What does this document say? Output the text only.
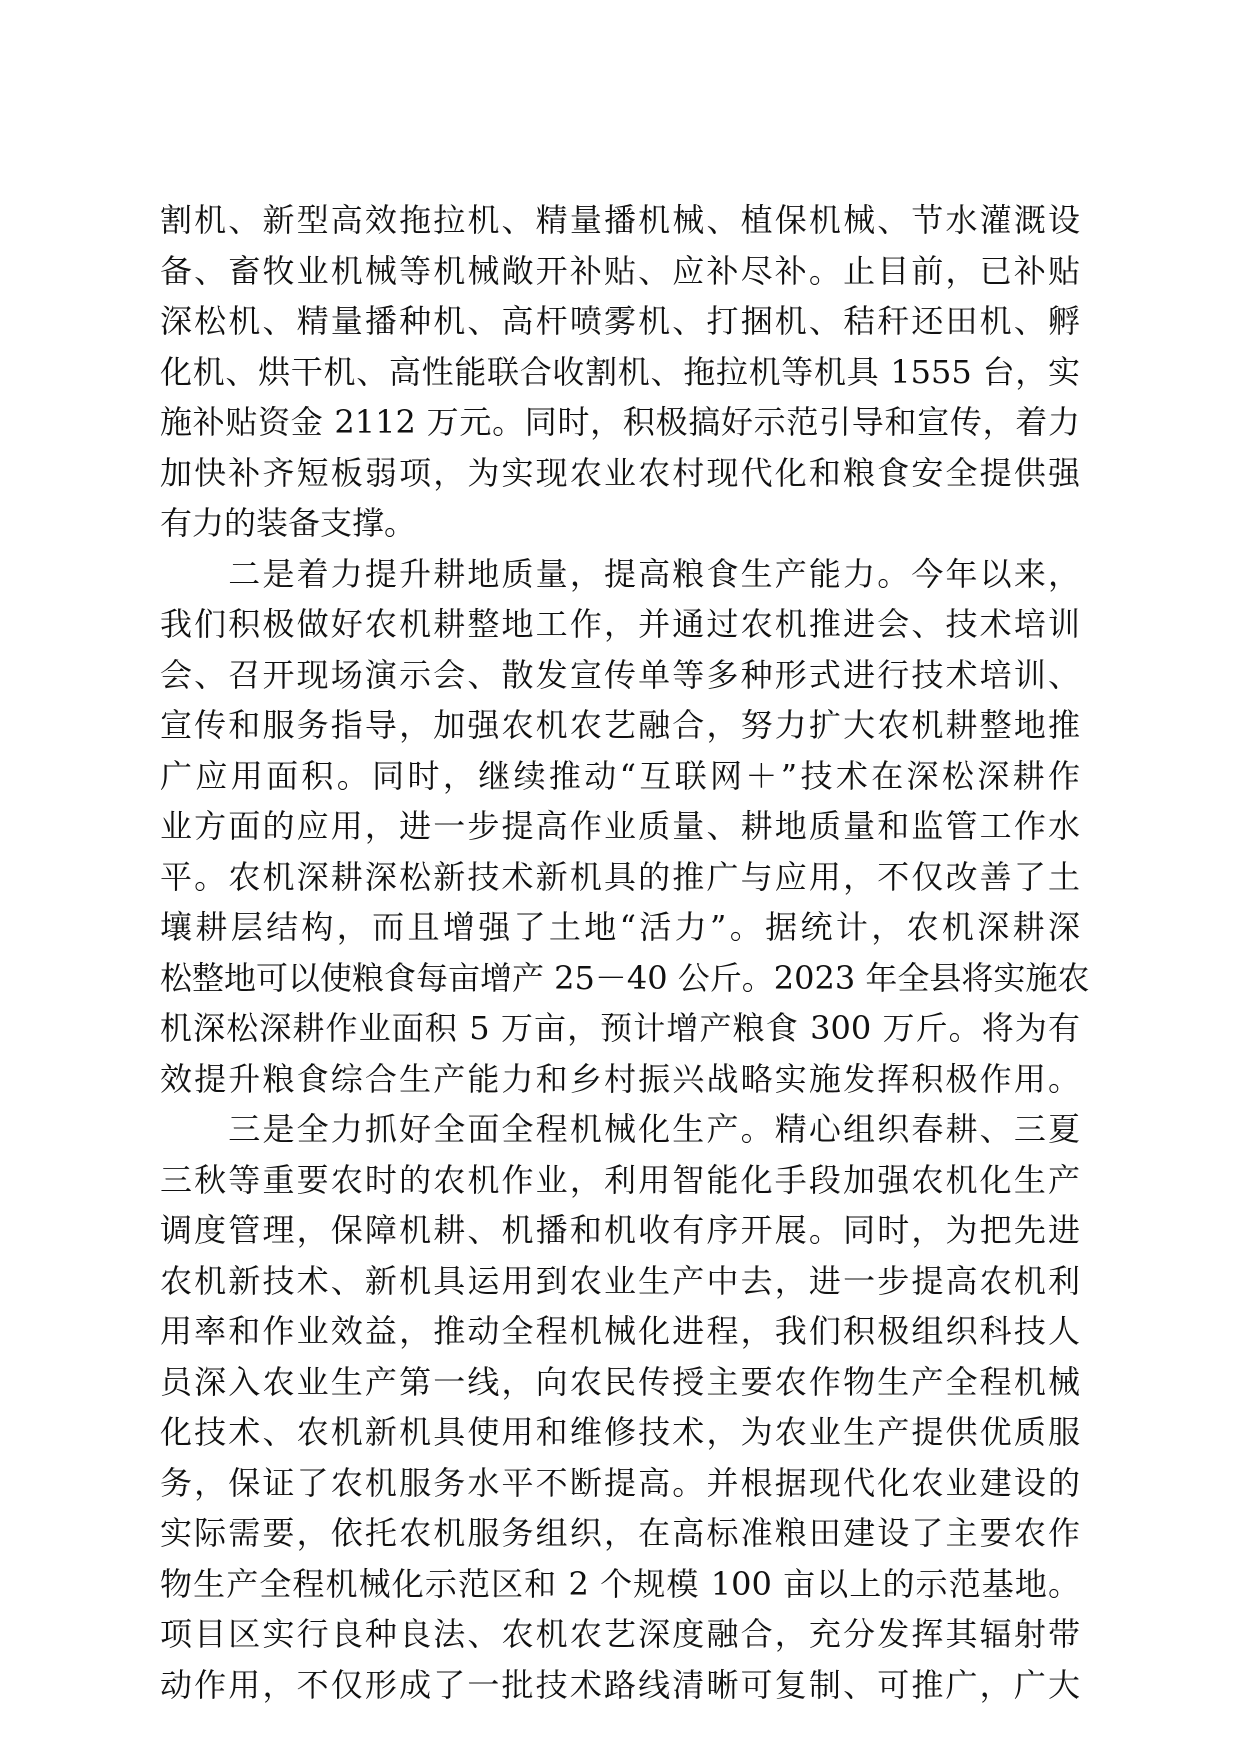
割机、新型高效拖拉机、精量播机械、植保机械、节水灌溉设
备、畜牧业机械等机械敞开补贴、应补尽补。止目前，已补贴
深松机、精量播种机、高杆喷雾机、打捆机、秸秆还田机、孵
化机、烘干机、高性能联合收割机、拖拉机等机具 1555 台，实
施补贴资金 2112 万元。同时，积极搞好示范引导和宣传，着力
加快补齐短板弱项，为实现农业农村现代化和粮食安全提供强
有力的装备支撑。
　　二是着力提升耕地质量，提高粮食生产能力。今年以来，
我们积极做好农机耕整地工作，并通过农机推进会、技术培训
会、召开现场演示会、散发宣传单等多种形式进行技术培训、
宣传和服务指导，加强农机农艺融合，努力扩大农机耕整地推
广应用面积。同时，继续推动“互联网＋”技术在深松深耕作
业方面的应用，进一步提高作业质量、耕地质量和监管工作水
平。农机深耕深松新技术新机具的推广与应用，不仅改善了土
壤耕层结构，而且增强了土地“活力”。据统计，农机深耕深
松整地可以使粮食每亩增产 25－40 公斤。2023 年全县将实施农
机深松深耕作业面积 5 万亩，预计增产粮食 300 万斤。将为有
效提升粮食综合生产能力和乡村振兴战略实施发挥积极作用。
　　三是全力抓好全面全程机械化生产。精心组织春耕、三夏
三秋等重要农时的农机作业，利用智能化手段加强农机化生产
调度管理，保障机耕、机播和机收有序开展。同时，为把先进
农机新技术、新机具运用到农业生产中去，进一步提高农机利
用率和作业效益，推动全程机械化进程，我们积极组织科技人
员深入农业生产第一线，向农民传授主要农作物生产全程机械
化技术、农机新机具使用和维修技术，为农业生产提供优质服
务，保证了农机服务水平不断提高。并根据现代化农业建设的
实际需要，依托农机服务组织，在高标准粮田建设了主要农作
物生产全程机械化示范区和 2 个规模 100 亩以上的示范基地。
项目区实行良种良法、农机农艺深度融合，充分发挥其辐射带
动作用，不仅形成了一批技术路线清晰可复制、可推广，广大
